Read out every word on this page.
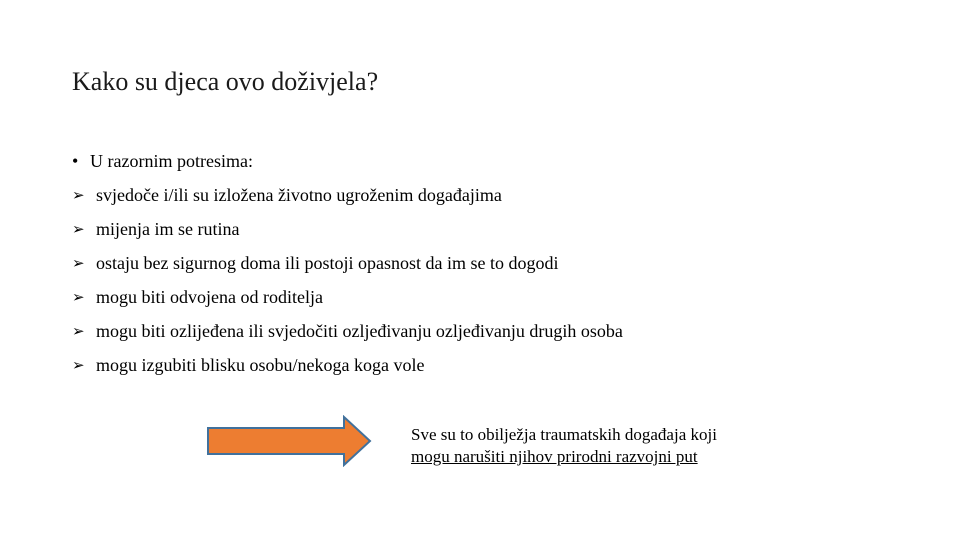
Kako su djeca ovo doživjela?
• U razornim potresima:
➢ svjedoče i/ili su izložena životno ugroženim događajima
➢ mijenja im se rutina
➢ ostaju bez sigurnog doma ili postoji opasnost da im se to dogodi
➢ mogu biti odvojena od roditelja
➢ mogu biti ozlijeđena ili svjedočiti ozljeđivanju ozljeđivanju drugih osoba
➢ mogu izgubiti blisku osobu/nekoga koga vole
Sve su to obilježja traumatskih događaja koji
mogu narušiti njihov prirodni razvojni put
